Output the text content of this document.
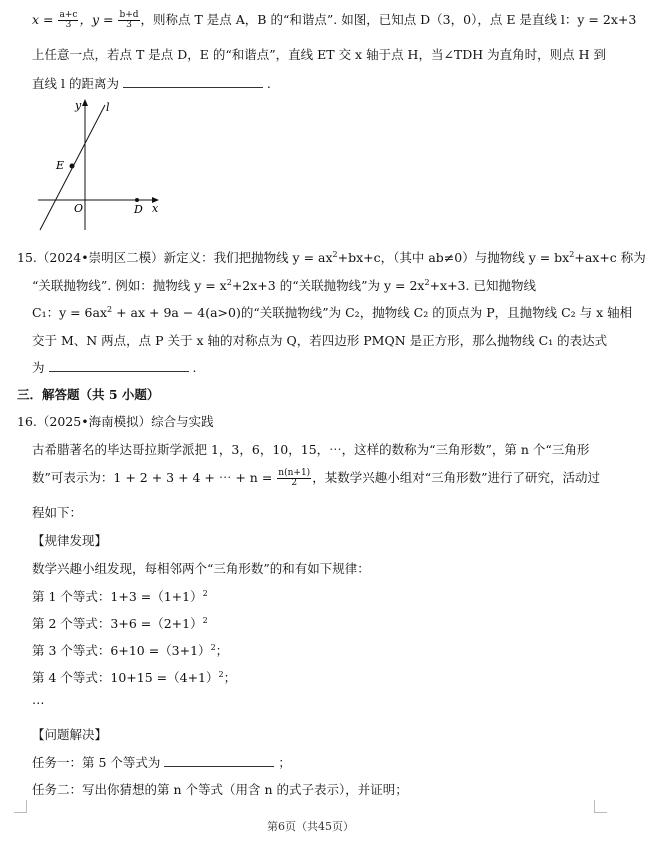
$x = \frac{a+c}{3}$ ，$y = \frac{b+d}{3}$ ，则称点 T 是点 A，B 的“和谐点”. 如图，已知点 D（3，0），点 E 是直线 l：y = 2x+3
上任意一点，若点 T 是点 D，E 的“和谐点”，直线 ET 交 x 轴于点 H，当∠TDH 为直角时，则点 H 到
直线 l 的距离为	.
y l
E
O	D x
15.（2024•崇明区二模）新定义：我们把抛物线 $y = ax^2+bx+c$，（其中 ab≠0）与抛物线 $y = bx^2+ax+c$ 称为
“关联抛物线”. 例如：抛物线 $y = x^2+2x+3$ 的“关联抛物线”为 $y = 2x^2+x+3$. 已知抛物线
C₁：$y = 6ax^2$ + ax + 9a − 4(a>0)的“关联抛物线”为 C₂，抛物线 C₂ 的顶点为 P，且抛物线 C₂ 与 x 轴相
交于 M、N 两点，点 P 关于 x 轴的对称点为 Q，若四边形 PMQN 是正方形，那么抛物线 C₁ 的表达式
为	.
三．解答题（共 5 小题）
16.（2025•海南模拟）综合与实践
古希腊著名的毕达哥拉斯学派把 1，3，6，10，15，⋯，这样的数称为“三角形数”，第 n 个“三角形
数”可表示为：1 + 2 + 3 + 4 + ⋯ + $n = \frac{n(n+1)}{2}$ ，某数学兴趣小组对“三角形数”进行了研究，活动过
程如下：
【规律发现】
数学兴趣小组发现，每相邻两个“三角形数”的和有如下规律：
第 1 个等式：$1+3 =(1+1)^2$
第 2 个等式：$3+6 =(2+1)^2$
第 3 个等式：$6+10 =(3+1)^2$；
第 4 个等式：$10+15 =(4+1)^2$；
⋯
【问题解决】
任务一：第 5 个等式为	；
任务二：写出你猜想的第 n 个等式（用含 n 的式子表示），并证明；
第6页（共45页）
